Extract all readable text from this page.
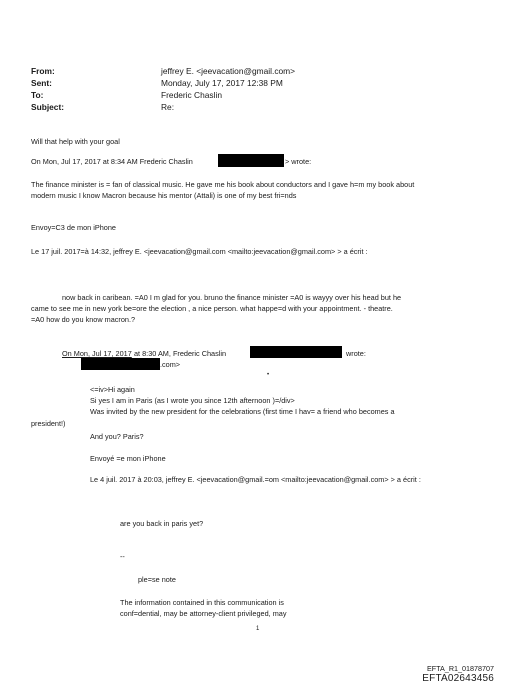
From:
Sent:
To:
Subject:
jeffrey E. <jeevacation@gmail.com>
Monday, July 17, 2017 12:38 PM
Frederic Chaslin
Re:
Will that help with your goal
On Mon, Jul 17, 2017 at 8:34 AM Frederic Chaslin	> wrote:
The finance minister is = fan of classical music. He gave me his book about conductors and I gave h=m my book about
modern music I know Macron because his mentor (Attali) is one of my best fri=nds
Envoy=C3 de mon iPhone
Le 17 juil. 2017=à 14:32, jeffrey E. <jeevacation@gmail.com <mailto:jeevacation@gmail.com> > a écrit :
now back in caribean. =A0 I m glad for you. bruno the finance minister =A0 is wayyy over his head but he
came to see me in new york be=ore the election , a nice person. what happe=d with your appointment. - theatre.
=A0 how do you know macron.?
On Mon, Jul 17, 2017 at 8:30 AM, Frederic Chaslin	wrote:
.com>
•
<=iv>Hi again
Si yes I am in Paris (as I wrote you since 12th afternoon )=/div>
Was invited by the new president for the celebrations (first time I hav= a friend who becomes a
president!)
And you? Paris?
Envoyé =e mon iPhone
Le 4 juil. 2017 à 20:03, jeffrey E. <jeevacation@gmail.=om <mailto:jeevacation@gmail.com> > a écrit :
are you back in paris yet?
--
ple=se note
The information contained in this communication is
conf=dential, may be attorney-client privileged, may
1
EFTA_R1_01878707
EFTA02643456
